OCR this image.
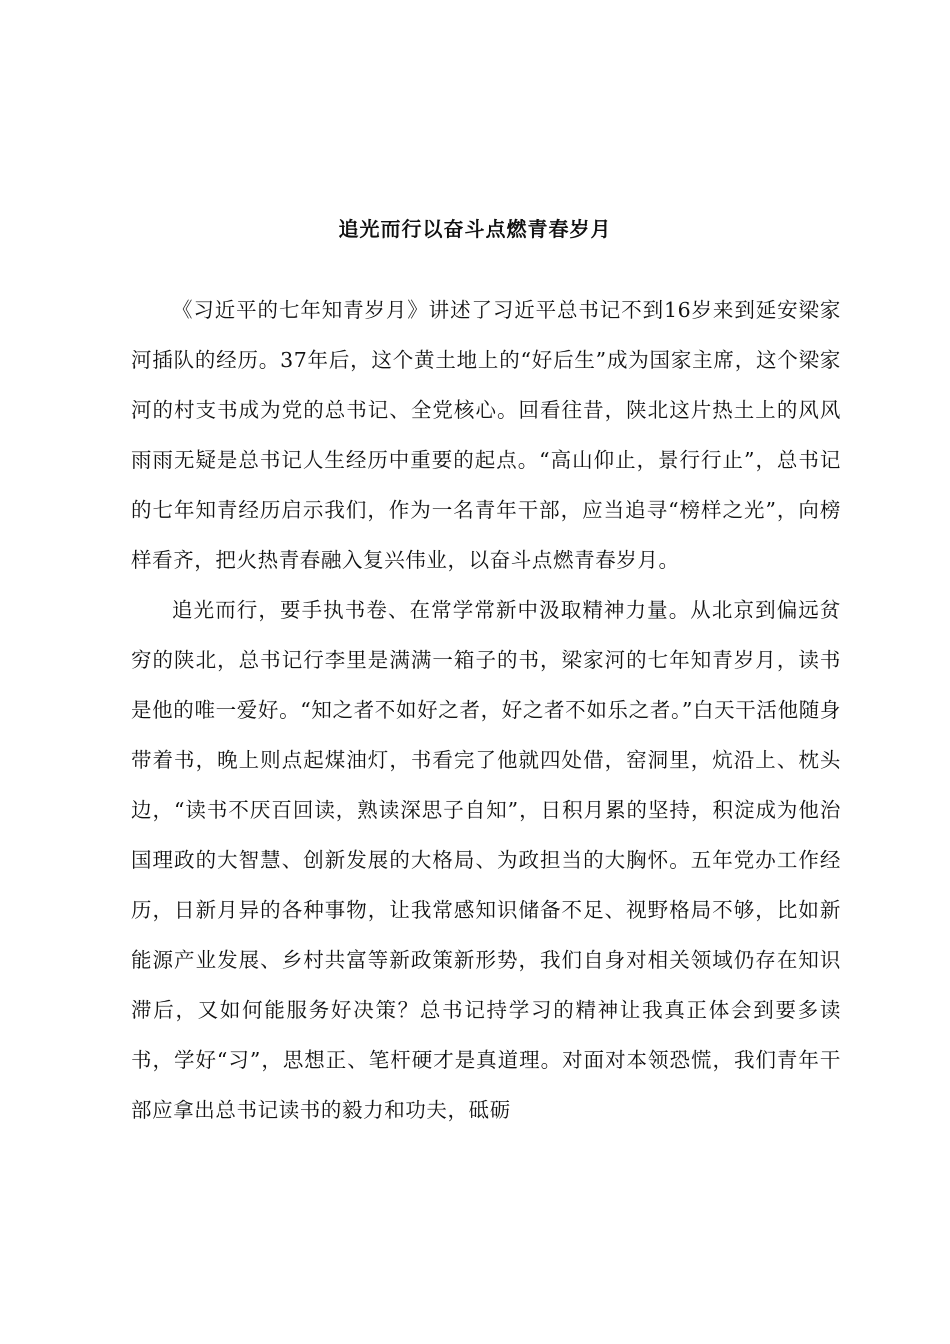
追光而行以奋斗点燃青春岁月

《习近平的七年知青岁月》讲述了习近平总书记不到16岁来到延安梁家河插队的经历。37年后，这个黄土地上的“好后生”成为国家主席，这个梁家河的村支书成为党的总书记、全党核心。回看往昔，陕北这片热土上的风风雨雨无疑是总书记人生经历中重要的起点。“高山仰止，景行行止”，总书记的七年知青经历启示我们，作为一名青年干部，应当追寻“榜样之光”，向榜样看齐，把火热青春融入复兴伟业，以奋斗点燃青春岁月。

追光而行，要手执书卷、在常学常新中汲取精神力量。从北京到偏远贫穷的陕北，总书记行李里是满满一箱子的书，梁家河的七年知青岁月，读书是他的唯一爱好。“知之者不如好之者，好之者不如乐之者。”白天干活他随身带着书，晚上则点起煤油灯，书看完了他就四处借，窑洞里，炕沿上、枕头边，“读书不厌百回读，熟读深思子自知”，日积月累的坚持，积淀成为他治国理政的大智慧、创新发展的大格局、为政担当的大胸怀。五年党办工作经历，日新月异的各种事物，让我常感知识储备不足、视野格局不够，比如新能源产业发展、乡村共富等新政策新形势，我们自身对相关领域仍存在知识滞后，又如何能服务好决策？总书记持学习的精神让我真正体会到要多读书，学好“习”，思想正、笔杆硬才是真道理。对面对本领恐慌，我们青年干部应拿出总书记读书的毅力和功夫，砥砺
